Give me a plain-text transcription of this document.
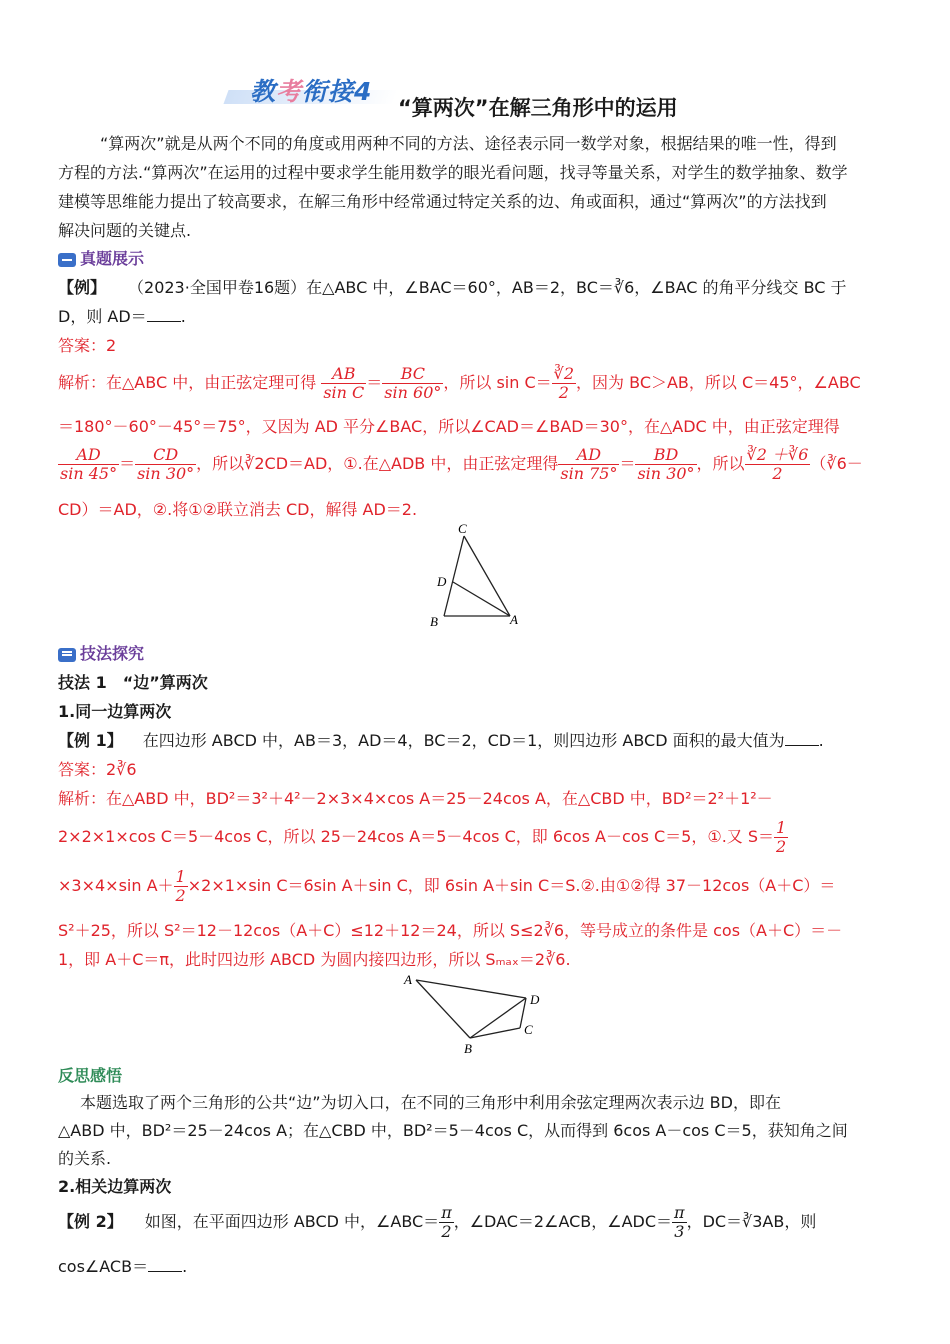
教考衔接4
“算两次”在解三角形中的运用
“算两次”就是从两个不同的角度或用两种不同的方法、途径表示同一数学对象，根据结果的唯一性，得到
方程的方法.“算两次”在运用的过程中要求学生能用数学的眼光看问题，找寻等量关系，对学生的数学抽象、数学
建模等思维能力提出了较高要求，在解三角形中经常通过特定关系的边、角或面积，通过“算两次”的方法找到
解决问题的关键点.
真题展示
【例】 （2023·全国甲卷16题）在△ABC 中，∠BAC＝60°，AB＝2，BC＝∛6，∠BAC 的角平分线交 BC 于
D，则 AD＝ .
答案：2
解析：在△ABC 中，由正弦定理可得 $\frac{AB}{\text{sin C}} = \frac{BC}{\sin 60^\circ}$ ，所以 $\sin C= \frac{∛2}{2}$ ，因为 BC＞AB，所以 C＝45°，∠ABC
＝180°－60°－45°＝75°，又因为 AD 平分∠BAC，所以∠CAD＝∠BAD＝30°，在△ADC 中，由正弦定理得
$\frac{AD}{\sin 45^\circ} = \frac{CD}{\sin 30^\circ}$ ，所以∛2CD＝AD，①.在△ADB 中，由正弦定理得 $\frac{AD}{\sin 75^\circ} = \frac{BD}{\sin 30^\circ}$ ，所以 $\frac{∛2 +∛6}{2}$ （∛6－
CD）＝AD，②.将①②联立消去 CD，解得 AD＝2.
C
D
B	A
技法探究
技法 1　“边”算两次
1.同一边算两次
【例 1】 在四边形 ABCD 中，AB＝3，AD＝4，BC＝2，CD＝1，则四边形 ABCD 面积的最大值为 .
答案：2∛6
解析：在△ABD 中，BD²＝3²＋4²－2×3×4×cos A＝25－24cos A，在△CBD 中，BD²＝2²＋1²－
2×2×1×cos C＝5－4cos C，所以 25－24cos A＝5－4cos C，即 6cos A－cos C＝5，①.又 $S= \frac{1}{2}$
×3×4×sin $A+ \frac{1}{2} \times 2\times 1\times\sin$ C＝6sin A＋sin C，即 6sin A＋sin C＝S.②.由①②得 37－12cos（A＋C）＝
S²＋25，所以 S²＝12－12cos（A＋C）≤12＋12＝24，所以 S≤2∛6，等号成立的条件是 cos（A＋C）＝－
1，即 A＋C＝π，此时四边形 ABCD 为圆内接四边形，所以 Sₘₐₓ＝2∛6.
A
D
C
B
反思感悟
本题选取了两个三角形的公共“边”为切入口，在不同的三角形中利用余弦定理两次表示边 BD，即在
△ABD 中，BD²＝25－24cos A；在△CBD 中，BD²＝5－4cos C，从而得到 6cos A－cos C＝5，获知角之间
的关系.
2.相关边算两次
【例 2】 如图，在平面四边形 ABCD 中，∠ABC＝ $\frac{\pi}{2}$ ，∠DAC＝2∠ACB，∠ADC＝ $\frac{\pi}{3}$ ，DC＝∛3AB，则
cos∠ACB＝ .
